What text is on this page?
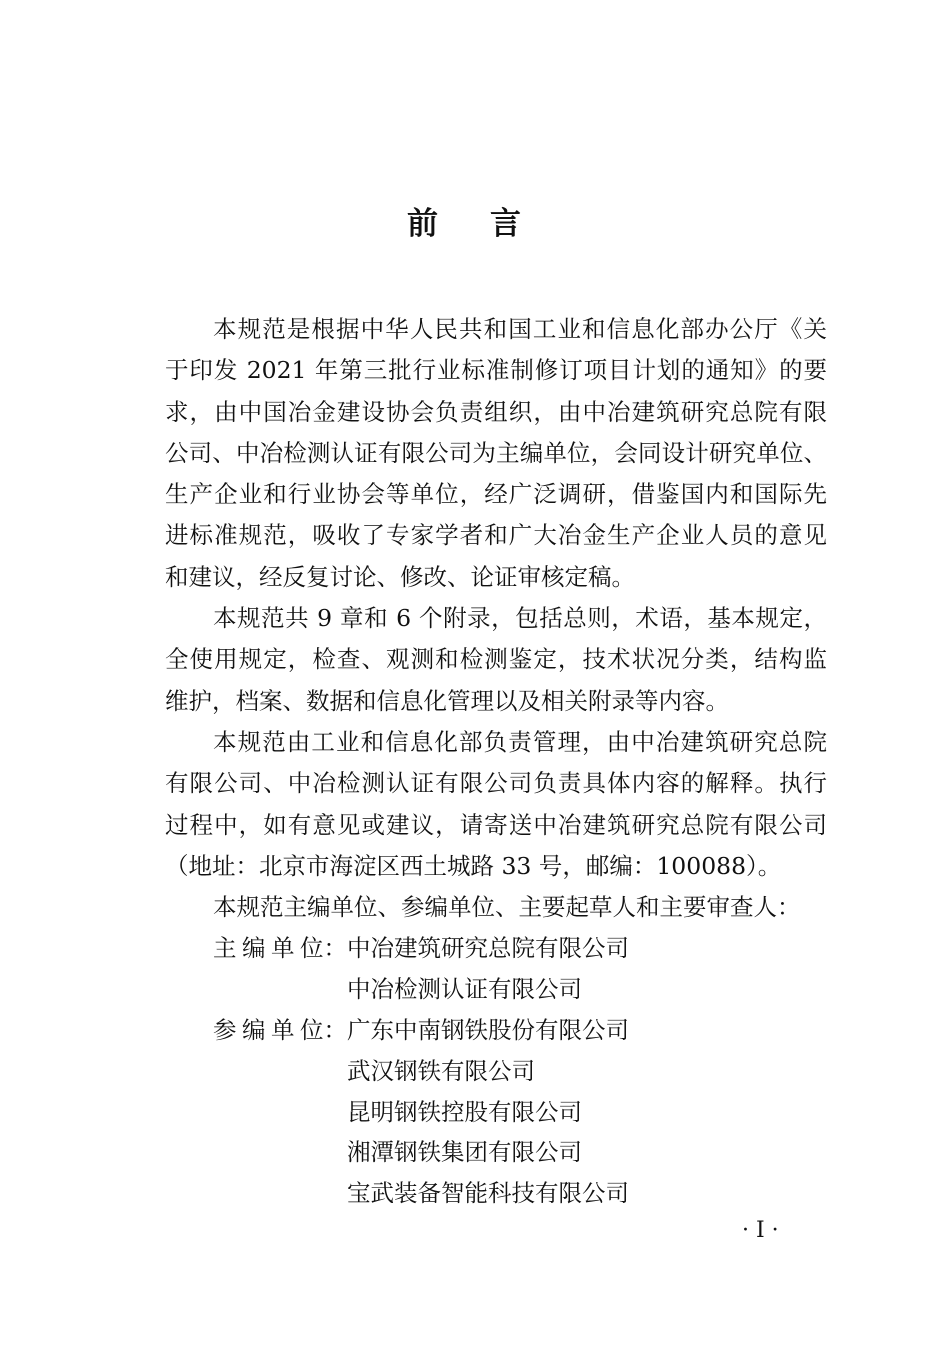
前言
本规范是根据中华人民共和国工业和信息化部办公厅《关
于印发 2021 年第三批行业标准制修订项目计划的通知》的要
求，由中国冶金建设协会负责组织，由中冶建筑研究总院有限
公司、中冶检测认证有限公司为主编单位，会同设计研究单位、
生产企业和行业协会等单位，经广泛调研，借鉴国内和国际先
进标准规范，吸收了专家学者和广大冶金生产企业人员的意见
和建议，经反复讨论、修改、论证审核定稿。
本规范共 9 章和 6 个附录，包括总则，术语，基本规定，
全使用规定，检查、观测和检测鉴定，技术状况分类，结构监
维护，档案、数据和信息化管理以及相关附录等内容。
本规范由工业和信息化部负责管理，由中冶建筑研究总院
有限公司、中冶检测认证有限公司负责具体内容的解释。执行
过程中，如有意见或建议，请寄送中冶建筑研究总院有限公司
（地址：北京市海淀区西土城路 33 号，邮编：100088）。
本规范主编单位、参编单位、主要起草人和主要审查人：
主编单位 ： 中冶建筑研究总院有限公司
中冶检测认证有限公司
参编单位 ： 广东中南钢铁股份有限公司
武汉钢铁有限公司
昆明钢铁控股有限公司
湘潭钢铁集团有限公司
宝武装备智能科技有限公司
· I ·
